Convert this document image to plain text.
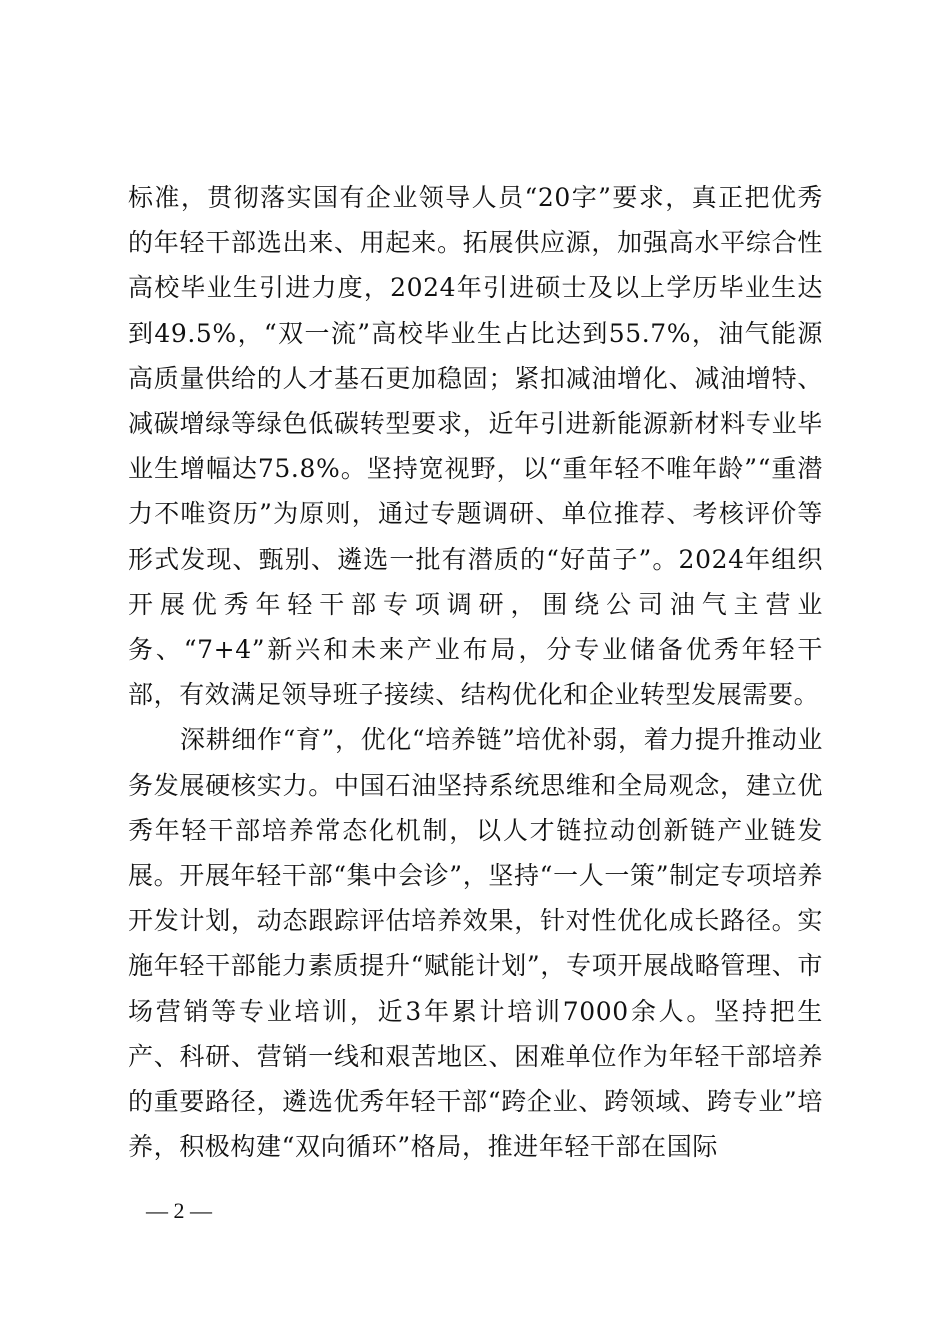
标准，贯彻落实国有企业领导人员“20字”要求，真正把优秀的年轻干部选出来、用起来。拓展供应源，加强高水平综合性高校毕业生引进力度，2024年引进硕士及以上学历毕业生达到49.5%，“双一流”高校毕业生占比达到55.7%，油气能源高质量供给的人才基石更加稳固；紧扣减油增化、减油增特、减碳增绿等绿色低碳转型要求，近年引进新能源新材料专业毕业生增幅达75.8%。坚持宽视野，以“重年轻不唯年龄”“重潜力不唯资历”为原则，通过专题调研、单位推荐、考核评价等形式发现、甄别、遴选一批有潜质的“好苗子”。2024年组织开展优秀年轻干部专项调研，围绕公司油气主营业务、“7+4”新兴和未来产业布局，分专业储备优秀年轻干部，有效满足领导班子接续、结构优化和企业转型发展需要。

深耕细作“育”，优化“培养链”培优补弱，着力提升推动业务发展硬核实力。中国石油坚持系统思维和全局观念，建立优秀年轻干部培养常态化机制，以人才链拉动创新链产业链发展。开展年轻干部“集中会诊”，坚持“一人一策”制定专项培养开发计划，动态跟踪评估培养效果，针对性优化成长路径。实施年轻干部能力素质提升“赋能计划”，专项开展战略管理、市场营销等专业培训，近3年累计培训7000余人。坚持把生产、科研、营销一线和艰苦地区、困难单位作为年轻干部培养的重要路径，遴选优秀年轻干部“跨企业、跨领域、跨专业”培养，积极构建“双向循环”格局，推进年轻干部在国际

— 2 —
